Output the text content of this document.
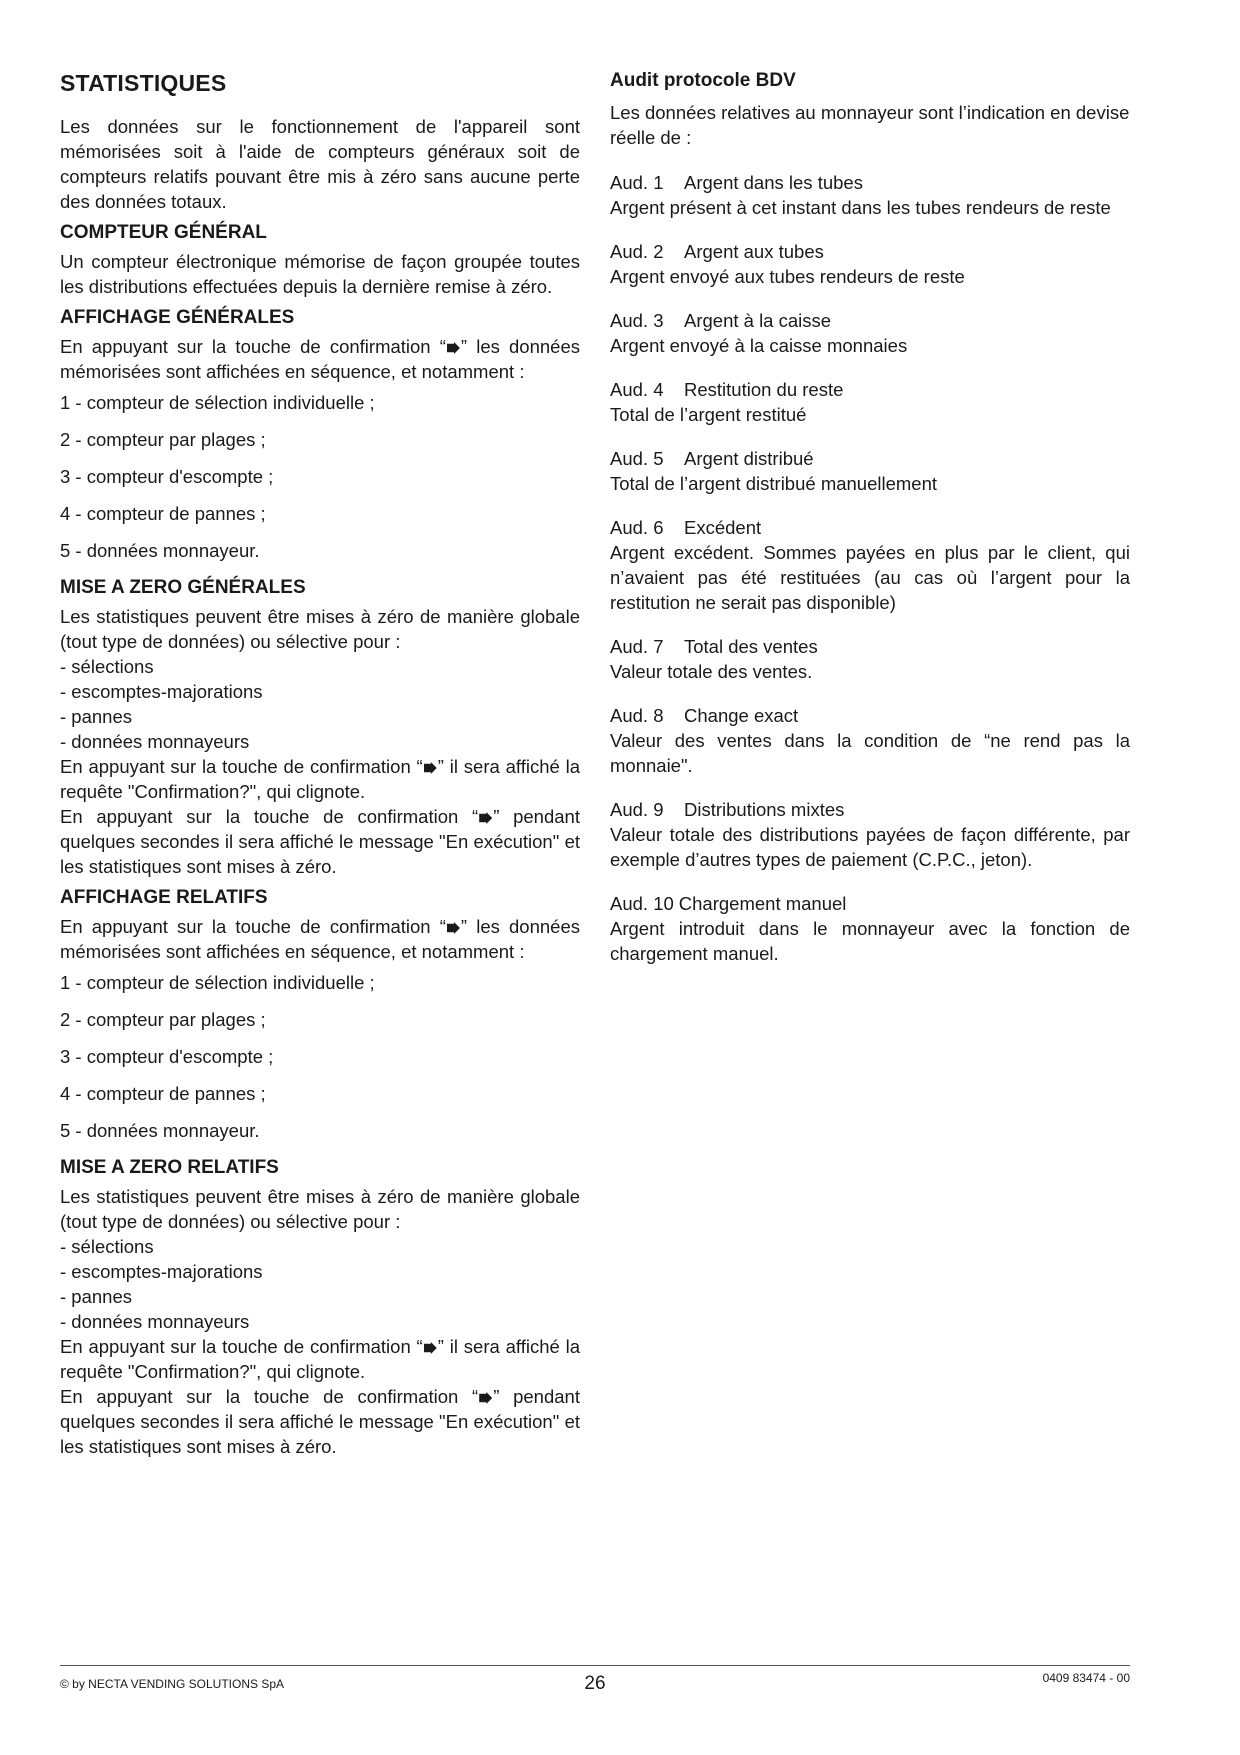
STATISTIQUES
Les données sur le fonctionnement de l'appareil sont mémorisées soit à l'aide de compteurs généraux soit de compteurs relatifs pouvant être mis à zéro sans aucune perte des données totaux.
COMPTEUR GÉNÉRAL
Un compteur électronique mémorise de façon groupée toutes les distributions effectuées depuis la dernière remise à zéro.
AFFICHAGE GÉNÉRALES
En appuyant sur la touche de confirmation “ ” les données mémorisées sont affichées en séquence, et notamment :
1 - compteur de sélection individuelle ;
2 - compteur par plages ;
3 - compteur d'escompte ;
4 - compteur de pannes ;
5 - données monnayeur.
MISE A ZERO GÉNÉRALES
Les statistiques peuvent être mises à zéro de manière globale (tout type de données) ou sélective pour :
- sélections
- escomptes-majorations
- pannes
- données monnayeurs
En appuyant sur la touche de confirmation “ ” il sera affiché la requête "Confirmation?", qui clignote.
En appuyant sur la touche de confirmation “ ” pendant quelques secondes il sera affiché le message "En exécution" et les statistiques sont mises à zéro.
AFFICHAGE RELATIFS
En appuyant sur la touche de confirmation “ ” les données mémorisées sont affichées en séquence, et notamment :
1 - compteur de sélection individuelle ;
2 - compteur par plages ;
3 - compteur d'escompte ;
4 - compteur de pannes ;
5 - données monnayeur.
MISE A ZERO RELATIFS
Les statistiques peuvent être mises à zéro de manière globale (tout type de données) ou sélective pour :
- sélections
- escomptes-majorations
- pannes
- données monnayeurs
En appuyant sur la touche de confirmation “ ” il sera affiché la requête "Confirmation?", qui clignote.
En appuyant sur la touche de confirmation “ ” pendant quelques secondes il sera affiché le message "En exécution" et les statistiques sont mises à zéro.
Audit protocole BDV
Les données relatives au monnayeur sont l’indication en devise réelle de :
Aud. 1 Argent dans les tubes
Argent présent à cet instant dans les tubes rendeurs de reste
Aud. 2 Argent aux tubes
Argent envoyé aux tubes rendeurs de reste
Aud. 3 Argent à la caisse
Argent envoyé à la caisse monnaies
Aud. 4 Restitution du reste
Total de l’argent restitué
Aud. 5 Argent distribué
Total de l’argent distribué manuellement
Aud. 6 Excédent
Argent excédent. Sommes payées en plus par le client, qui n’avaient pas été restituées (au cas où l’argent pour la restitution ne serait pas disponible)
Aud. 7 Total des ventes
Valeur totale des ventes.
Aud. 8 Change exact
Valeur des ventes dans la condition de “ne rend pas la monnaie".
Aud. 9 Distributions mixtes
Valeur totale des distributions payées de façon différente, par exemple d’autres types de paiement (C.P.C., jeton).
Aud. 10 Chargement manuel
Argent introduit dans le monnayeur avec la fonction de chargement manuel.
© by NECTA VENDING SOLUTIONS SpA	26	0409 83474 - 00
